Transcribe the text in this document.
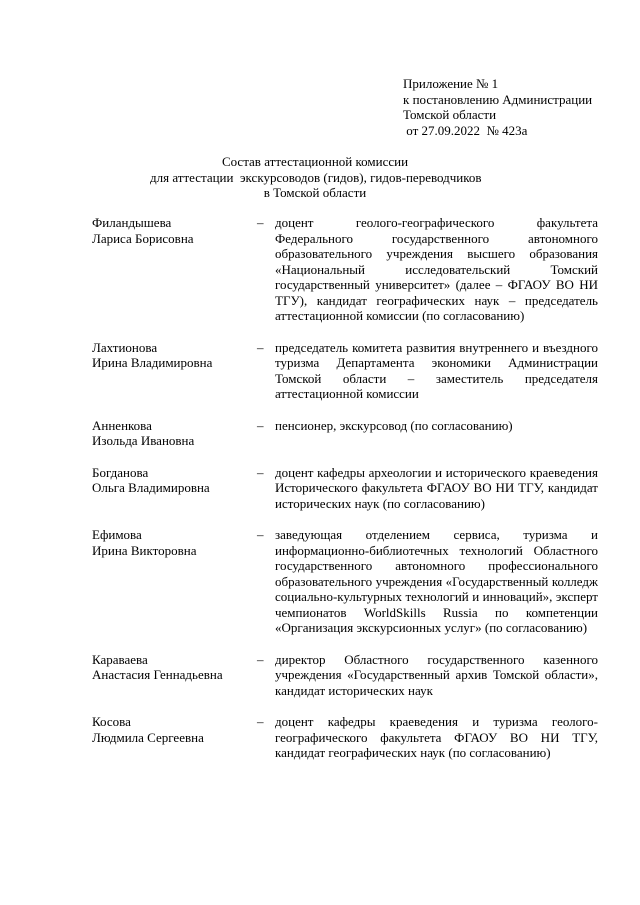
Приложение № 1
к постановлению Администрации
Томской области
от 27.09.2022  № 423а
Состав аттестационной комиссии
для аттестации  экскурсоводов (гидов), гидов-переводчиков
в Томской области
Филандышева
Лариса Борисовна
– доцент геолого-географического факультета Федерального государственного автономного образовательного учреждения высшего образования «Национальный исследовательский Томский государственный университет» (далее – ФГАОУ ВО НИ ТГУ), кандидат географических наук – председатель аттестационной комиссии (по согласованию)
Лахтионова
Ирина Владимировна
– председатель комитета развития внутреннего и въездного туризма Департамента экономики Администрации Томской области – заместитель председателя аттестационной комиссии
Анненкова
Изольда Ивановна
– пенсионер, экскурсовод (по согласованию)
Богданова
Ольга Владимировна
– доцент кафедры археологии и исторического краеведения Исторического факультета ФГАОУ ВО НИ ТГУ, кандидат исторических наук (по согласованию)
Ефимова
Ирина Викторовна
– заведующая отделением сервиса, туризма и информационно-библиотечных технологий Областного государственного автономного профессионального образовательного учреждения «Государственный колледж социально-культурных технологий и инноваций», эксперт чемпионатов WorldSkills Russia по компетенции «Организация экскурсионных услуг» (по согласованию)
Караваева
Анастасия Геннадьевна
– директор Областного государственного казенного учреждения «Государственный архив Томской области», кандидат исторических наук
Косова
Людмила Сергеевна
– доцент кафедры краеведения и туризма геолого-географического факультета ФГАОУ ВО НИ ТГУ, кандидат географических наук (по согласованию)
